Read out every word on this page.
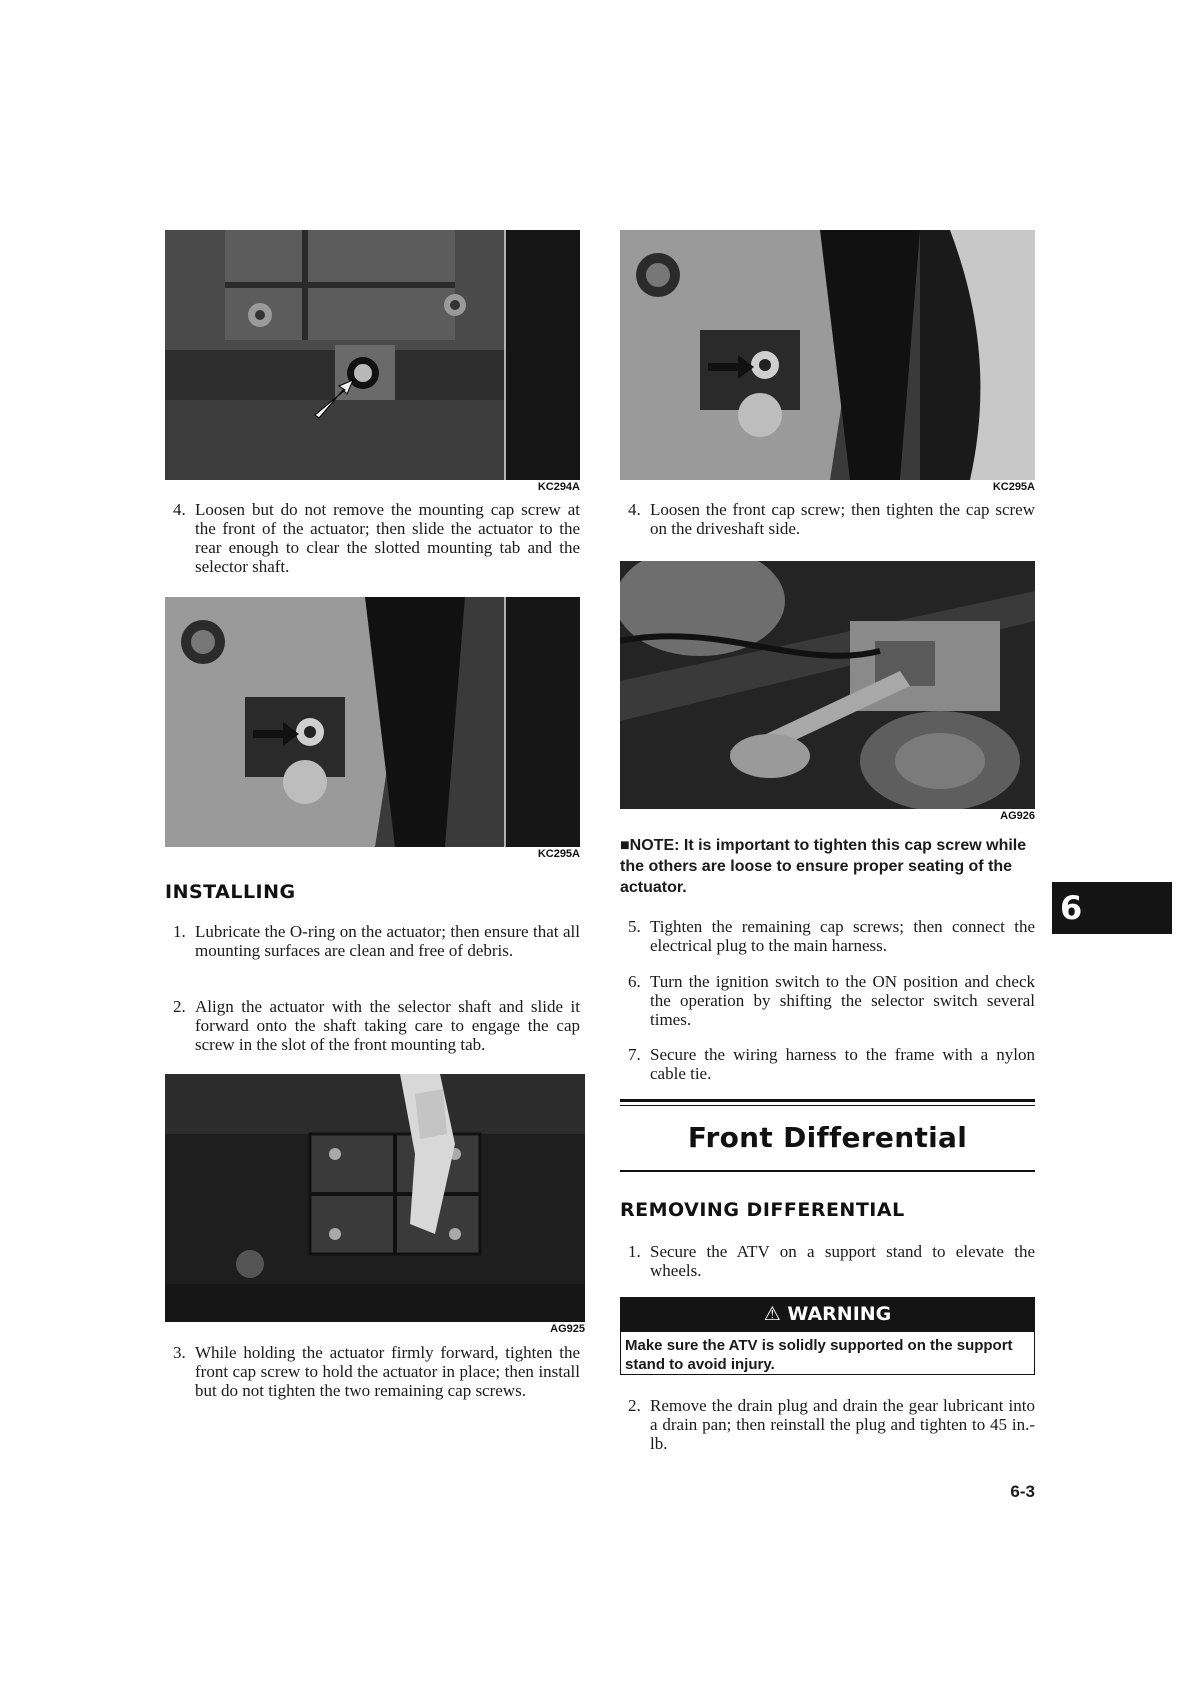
KC294A	KC295A
KC295A
AG926
AG925
4. Loosen but do not remove the mounting cap screw at the front of the actuator; then slide the actuator to the rear enough to clear the slotted mounting tab and the selector shaft.
INSTALLING
1. Lubricate the O-ring on the actuator; then ensure that all mounting surfaces are clean and free of debris.
2. Align the actuator with the selector shaft and slide it forward onto the shaft taking care to engage the cap screw in the slot of the front mounting tab.
3. While holding the actuator firmly forward, tighten the front cap screw to hold the actuator in place; then install but do not tighten the two remaining cap screws.
4. Loosen the front cap screw; then tighten the cap screw on the driveshaft side.
■NOTE: It is important to tighten this cap screw while the others are loose to ensure proper seating of the actuator.
5. Tighten the remaining cap screws; then connect the electrical plug to the main harness.
6. Turn the ignition switch to the ON position and check the operation by shifting the selector switch several times.
7. Secure the wiring harness to the frame with a nylon cable tie.
Front Differential
REMOVING DIFFERENTIAL
1. Secure the ATV on a support stand to elevate the wheels.
⚠ WARNING
Make sure the ATV is solidly supported on the support stand to avoid injury.
2. Remove the drain plug and drain the gear lubricant into a drain pan; then reinstall the plug and tighten to 45 in.-lb.
6
6-3
